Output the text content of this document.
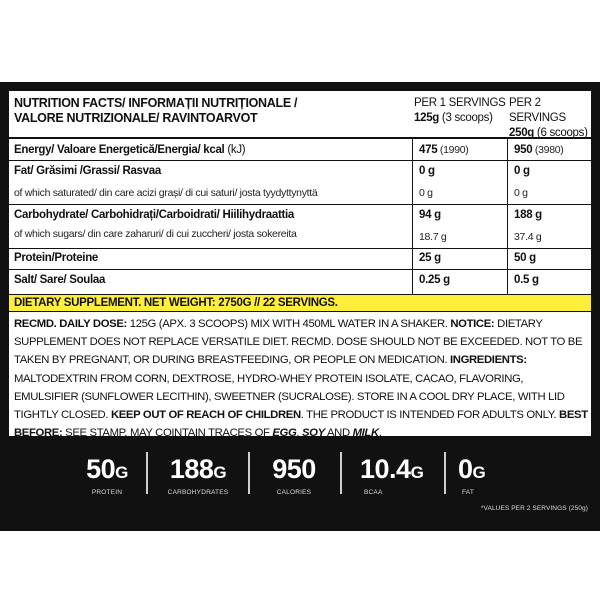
NUTRITION FACTS/ INFORMAȚII NUTRIȚIONALE /
VALORE NUTRIZIONALE/ RAVINTOARVOT
PER 1 SERVINGS
125g (3 scoops)
PER 2 SERVINGS
250g (6 scoops)
Energy/ Valoare Energetică/Energia/ kcal (kJ)	475 (1990)	950 (3980)
Fat/ Grăsimi /Grassi/ Rasvaa	0 g	0 g
of which saturated/ din care acizi grași/ di cui saturi/ josta tyydyttynyttä	0 g	0 g
Carbohydrate/ Carbohidrați/Carboidrati/ Hiilihydraattia	94 g	188 g
of which sugars/ din care zaharuri/ di cui zuccheri/ josta sokereita	18.7 g	37.4 g
Protein/Proteine	25 g	50 g
Salt/ Sare/ Soulaa	0.25 g	0.5 g
DIETARY SUPPLEMENT. NET WEIGHT: 2750G // 22 SERVINGS.
RECMD. DAILY DOSE: 125G (APX. 3 SCOOPS) MIX WITH 450ML WATER IN A SHAKER. NOTICE: DIETARY SUPPLEMENT DOES NOT REPLACE VERSATILE DIET. RECMD. DOSE SHOULD NOT BE EXCEEDED. NOT TO BE TAKEN BY PREGNANT, OR DURING BREASTFEEDING, OR PEOPLE ON MEDICATION. INGREDIENTS: MALTODEXTRIN FROM CORN, DEXTROSE, HYDRO-WHEY PROTEIN ISOLATE, CACAO, FLAVORING, EMULSIFIER (SUNFLOWER LECITHIN), SWEETNER (SUCRALOSE). STORE IN A COOL DRY PLACE, WITH LID TIGHTLY CLOSED. KEEP OUT OF REACH OF CHILDREN. THE PRODUCT IS INTENDED FOR ADULTS ONLY. BEST BEFORE: SEE STAMP. MAY COINTAIN TRACES OF EGG, SOY AND MILK.
50G
PROTEIN
188G
CARBOHYDRATES
950
CALORIES
10.4G
BCAA
0G
FAT
*VALUES PER 2 SERVINGS (250g)
